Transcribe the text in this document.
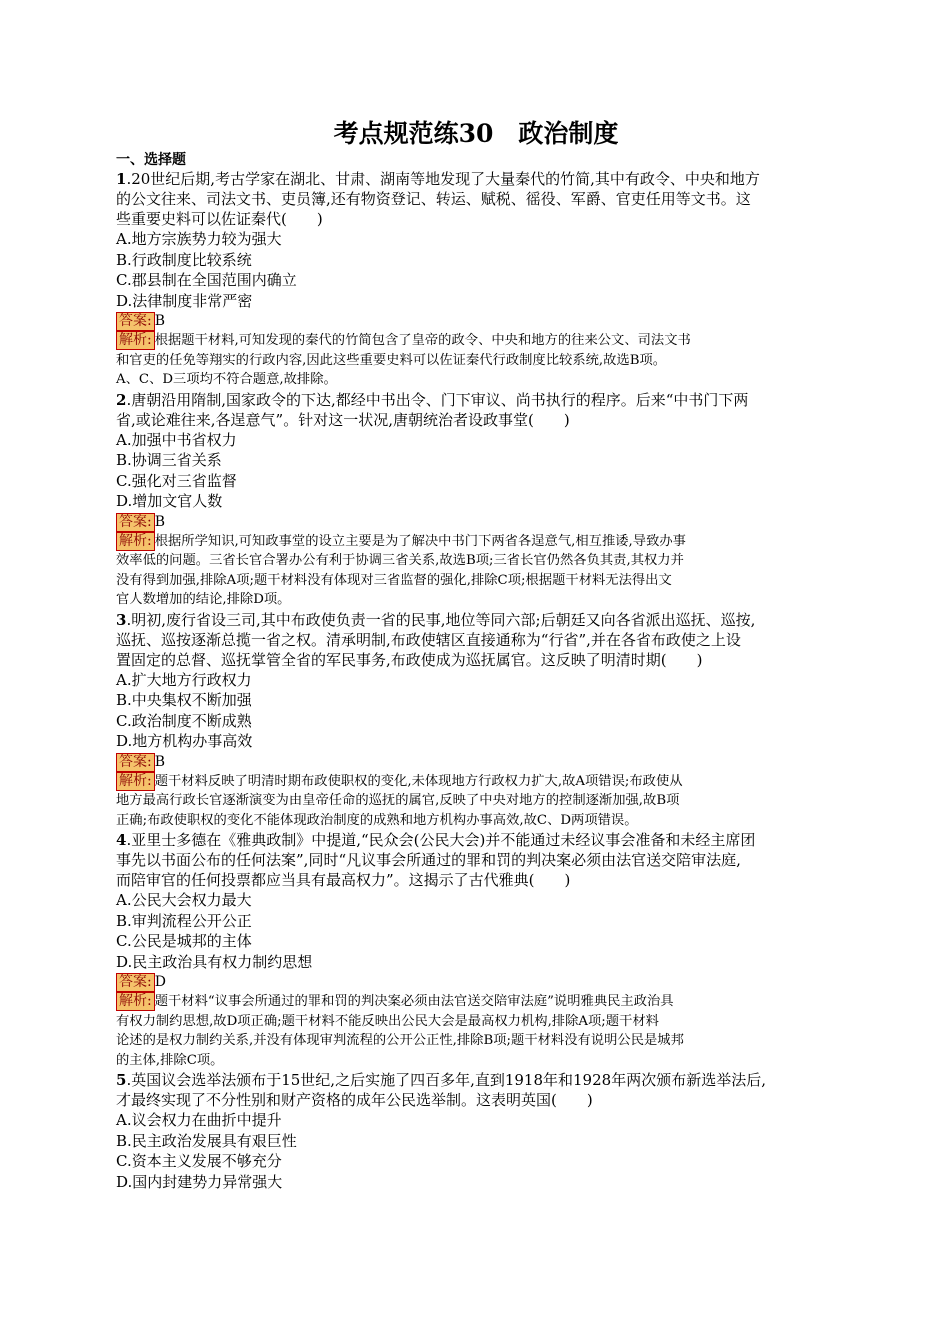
考点规范练30　政治制度
一、选择题

1.20世纪后期,考古学家在湖北、甘肃、湖南等地发现了大量秦代的竹简,其中有政令、中央和地方

的公文往来、司法文书、吏员簿,还有物资登记、转运、赋税、徭役、军爵、官吏任用等文书。这

些重要史料可以佐证秦代(　　)

A.地方宗族势力较为强大

B.行政制度比较系统

C.郡县制在全国范围内确立

D.法律制度非常严密

答案: B

解析: 根据题干材料,可知发现的秦代的竹简包含了皇帝的政令、中央和地方的往来公文、司法文书

和官吏的任免等翔实的行政内容,因此这些重要史料可以佐证秦代行政制度比较系统,故选B项。

A、C、D三项均不符合题意,故排除。

2.唐朝沿用隋制,国家政令的下达,都经中书出令、门下审议、尚书执行的程序。后来“中书门下两

省,或论难往来,各逞意气”。针对这一状况,唐朝统治者设政事堂(　　)

A.加强中书省权力

B.协调三省关系

C.强化对三省监督

D.增加文官人数

答案: B

解析: 根据所学知识,可知政事堂的设立主要是为了解决中书门下两省各逞意气,相互推诿,导致办事

效率低的问题。三省长官合署办公有利于协调三省关系,故选B项;三省长官仍然各负其责,其权力并

没有得到加强,排除A项;题干材料没有体现对三省监督的强化,排除C项;根据题干材料无法得出文

官人数增加的结论,排除D项。

3.明初,废行省设三司,其中布政使负责一省的民事,地位等同六部;后朝廷又向各省派出巡抚、巡按,

巡抚、巡按逐渐总揽一省之权。清承明制,布政使辖区直接通称为“行省”,并在各省布政使之上设

置固定的总督、巡抚掌管全省的军民事务,布政使成为巡抚属官。这反映了明清时期(　　)

A.扩大地方行政权力

B.中央集权不断加强

C.政治制度不断成熟

D.地方机构办事高效

答案: B

解析: 题干材料反映了明清时期布政使职权的变化,未体现地方行政权力扩大,故A项错误;布政使从

地方最高行政长官逐渐演变为由皇帝任命的巡抚的属官,反映了中央对地方的控制逐渐加强,故B项

正确;布政使职权的变化不能体现政治制度的成熟和地方机构办事高效,故C、D两项错误。

4.亚里士多德在《雅典政制》中提道,“民众会(公民大会)并不能通过未经议事会准备和未经主席团

事先以书面公布的任何法案”,同时“凡议事会所通过的罪和罚的判决案必须由法官送交陪审法庭,

而陪审官的任何投票都应当具有最高权力”。这揭示了古代雅典(　　)

A.公民大会权力最大

B.审判流程公开公正

C.公民是城邦的主体

D.民主政治具有权力制约思想

答案: D

解析: 题干材料“议事会所通过的罪和罚的判决案必须由法官送交陪审法庭”说明雅典民主政治具

有权力制约思想,故D项正确;题干材料不能反映出公民大会是最高权力机构,排除A项;题干材料

论述的是权力制约关系,并没有体现审判流程的公开公正性,排除B项;题干材料没有说明公民是城邦

的主体,排除C项。

5.英国议会选举法颁布于15世纪,之后实施了四百多年,直到1918年和1928年两次颁布新选举法后,

才最终实现了不分性别和财产资格的成年公民选举制。这表明英国(　　)

A.议会权力在曲折中提升

B.民主政治发展具有艰巨性

C.资本主义发展不够充分

D.国内封建势力异常强大
